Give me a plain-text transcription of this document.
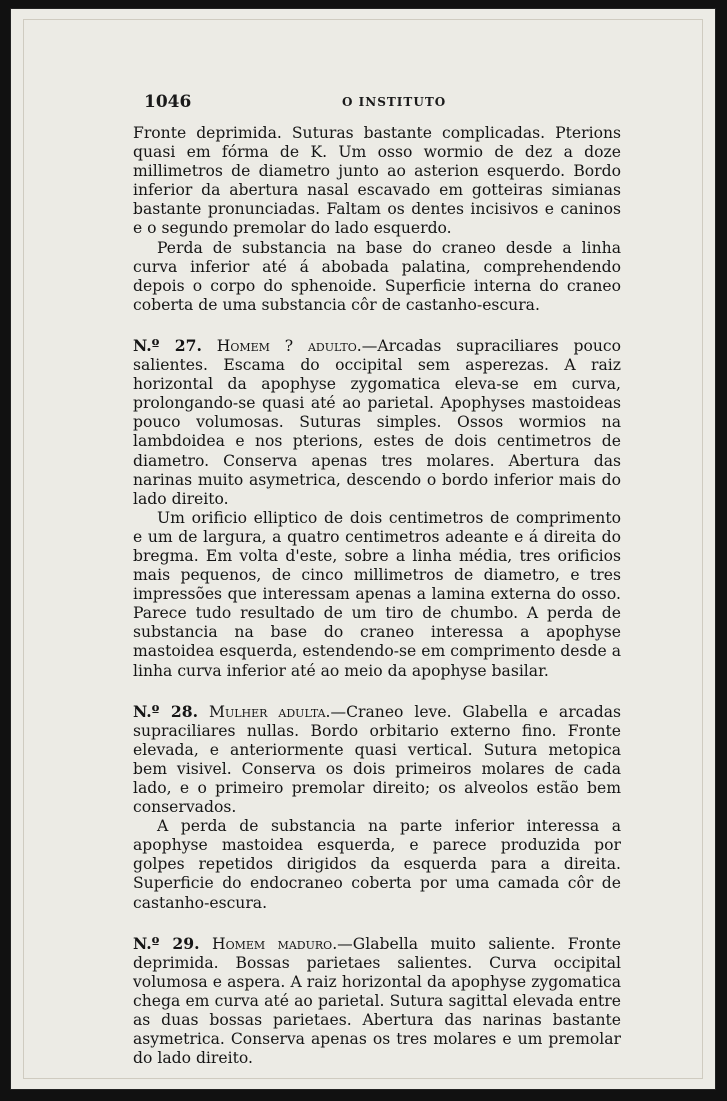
1046	O INSTITUTO

Fronte deprimida. Suturas bastante complicadas. Pterions quasi em fórma de K. Um osso wormio de dez a doze millimetros de diametro junto ao asterion esquerdo. Bordo inferior da abertura nasal escavado em gotteiras simianas bastante pronunciadas. Faltam os dentes incisivos e caninos e o segundo premolar do lado esquerdo.

Perda de substancia na base do craneo desde a linha curva inferior até á abobada palatina, comprehendendo depois o corpo do sphenoide. Superficie interna do craneo coberta de uma substancia côr de castanho-escura.

N.º 27. Homem ? adulto.—Arcadas supraciliares pouco salientes. Escama do occipital sem asperezas. A raiz horizontal da apophyse zygomatica eleva-se em curva, prolongando-se quasi até ao parietal. Apophyses mastoideas pouco volumosas. Suturas simples. Ossos wormios na lambdoidea e nos pterions, estes de dois centimetros de diametro. Conserva apenas tres molares. Abertura das narinas muito asymetrica, descendo o bordo inferior mais do lado direito.

Um orificio elliptico de dois centimetros de comprimento e um de largura, a quatro centimetros adeante e á direita do bregma. Em volta d'este, sobre a linha média, tres orificios mais pequenos, de cinco millimetros de diametro, e tres impressões que interessam apenas a lamina externa do osso. Parece tudo resultado de um tiro de chumbo. A perda de substancia na base do craneo interessa a apophyse mastoidea esquerda, estendendo-se em comprimento desde a linha curva inferior até ao meio da apophyse basilar.

N.º 28. Mulher adulta.—Craneo leve. Glabella e arcadas supraciliares nullas. Bordo orbitario externo fino. Fronte elevada, e anteriormente quasi vertical. Sutura metopica bem visivel. Conserva os dois primeiros molares de cada lado, e o primeiro premolar direito; os alveolos estão bem conservados.

A perda de substancia na parte inferior interessa a apophyse mastoidea esquerda, e parece produzida por golpes repetidos dirigidos da esquerda para a direita. Superficie do endocraneo coberta por uma camada côr de castanho-escura.

N.º 29. Homem maduro.—Glabella muito saliente. Fronte deprimida. Bossas parietaes salientes. Curva occipital volumosa e aspera. A raiz horizontal da apophyse zygomatica chega em curva até ao parietal. Sutura sagittal elevada entre as duas bossas parietaes. Abertura das narinas bastante asymetrica. Conserva apenas os tres molares e um premolar do lado direito.
